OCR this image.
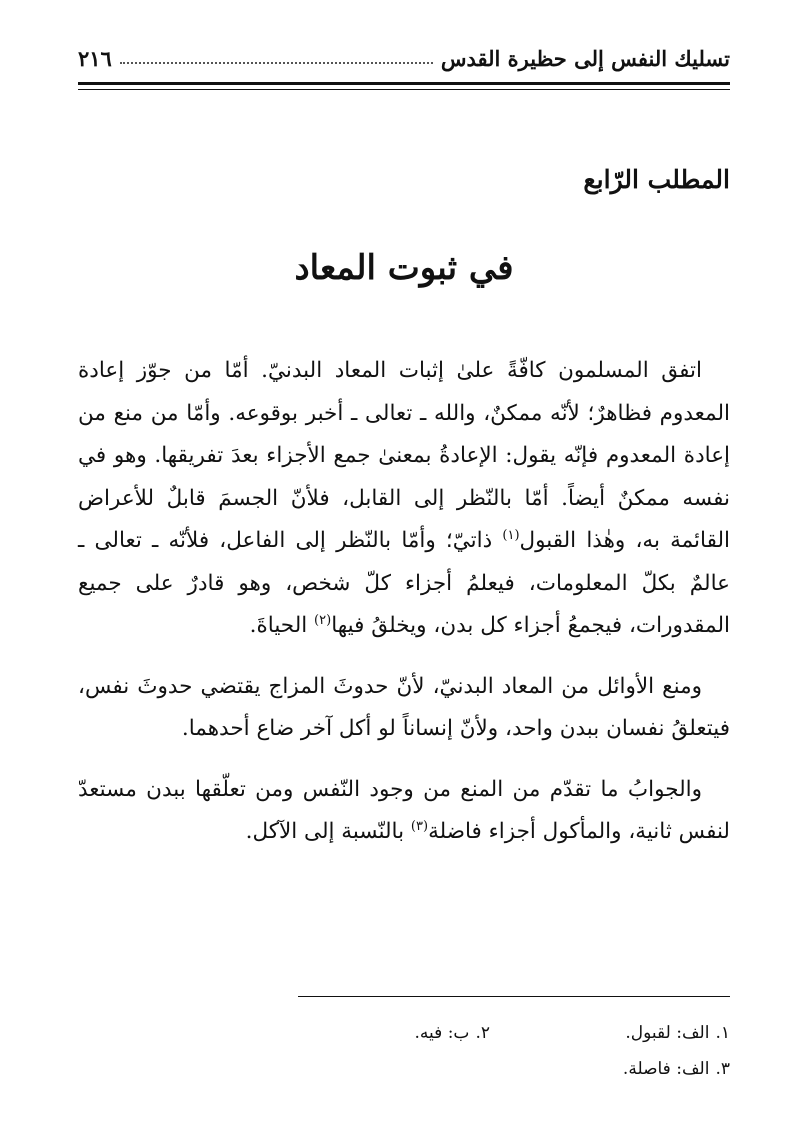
تسليك النفس إلى حظيرة القدس
٢١٦
المطلب الرّابع
في ثبوت المعاد

اتفق المسلمون كافّةً علىٰ إثبات المعاد البدنيّ. أمّا من جوّز إعادة المعدوم فظاهرٌ؛ لأنّه ممكنٌ، والله ـ تعالى ـ أخبر بوقوعه. وأمّا من منع من إعادة المعدوم فإنّه يقول: الإعادةُ بمعنىٰ جمع الأجزاء بعدَ تفريقها. وهو في نفسه ممكنٌ أيضاً. أمّا بالنّظر إلى القابل، فلأنّ الجسمَ قابلٌ للأعراض القائمة به، وهٰذا القبول$^{(١)}$ ذاتيّ؛ وأمّا بالنّظر إلى الفاعل، فلأنّه ـ تعالى ـ عالمٌ بكلّ المعلومات، فيعلمُ أجزاء كلّ شخص، وهو قادرٌ على جميع المقدورات، فيجمعُ أجزاء كل بدن، ويخلقُ فيها$^{(٢)}$ الحياةَ.

ومنع الأوائل من المعاد البدنيّ، لأنّ حدوثَ المزاج يقتضي حدوثَ نفس، فيتعلقُ نفسان ببدن واحد، ولأنّ إنساناً لو أكل آخر ضاع أحدهما.

والجوابُ ما تقدّم من المنع من وجود النّفس ومن تعلّقها ببدن مستعدّ لنفس ثانية، والمأكول أجزاء فاضلة$^{(٣)}$ بالنّسبة إلى الآكل.

١.الف: لقبول.
٢.ب: فيه.
٣.الف: فاصلة.
